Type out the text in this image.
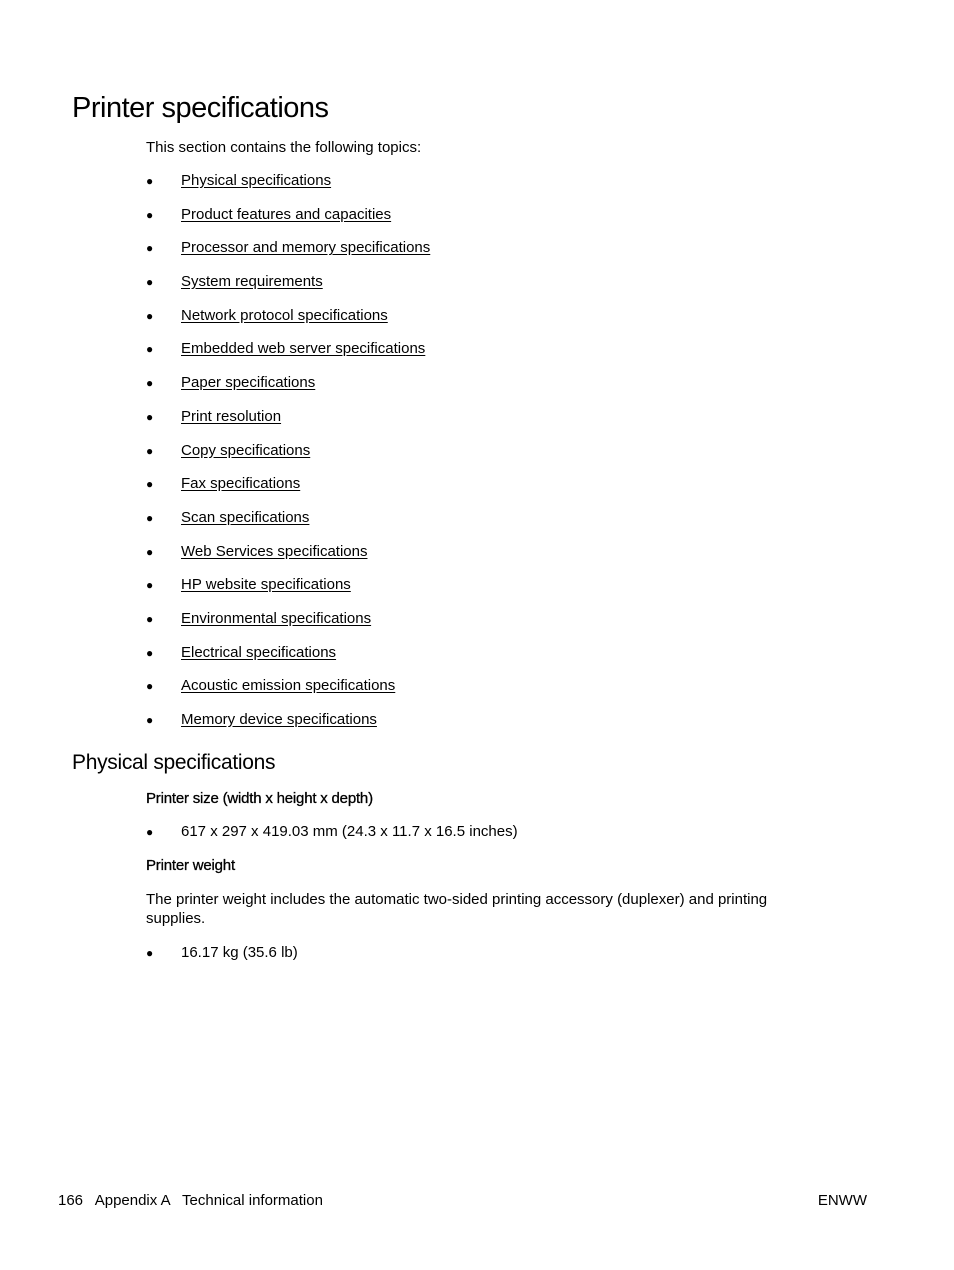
Printer specifications

This section contains the following topics:

●	Physical specifications
●	Product features and capacities
●	Processor and memory specifications
●	System requirements
●	Network protocol specifications
●	Embedded web server specifications
●	Paper specifications
●	Print resolution
●	Copy specifications
●	Fax specifications
●	Scan specifications
●	Web Services specifications
●	HP website specifications
●	Environmental specifications
●	Electrical specifications
●	Acoustic emission specifications
●	Memory device specifications
Physical specifications
Printer size (width x height x depth)
●	617 x 297 x 419.03 mm (24.3 x 11.7 x 16.5 inches)
Printer weight

The printer weight includes the automatic two-sided printing accessory (duplexer) and printing supplies.

●	16.17 kg (35.6 lb)
166 Appendix A Technical information	ENWW
